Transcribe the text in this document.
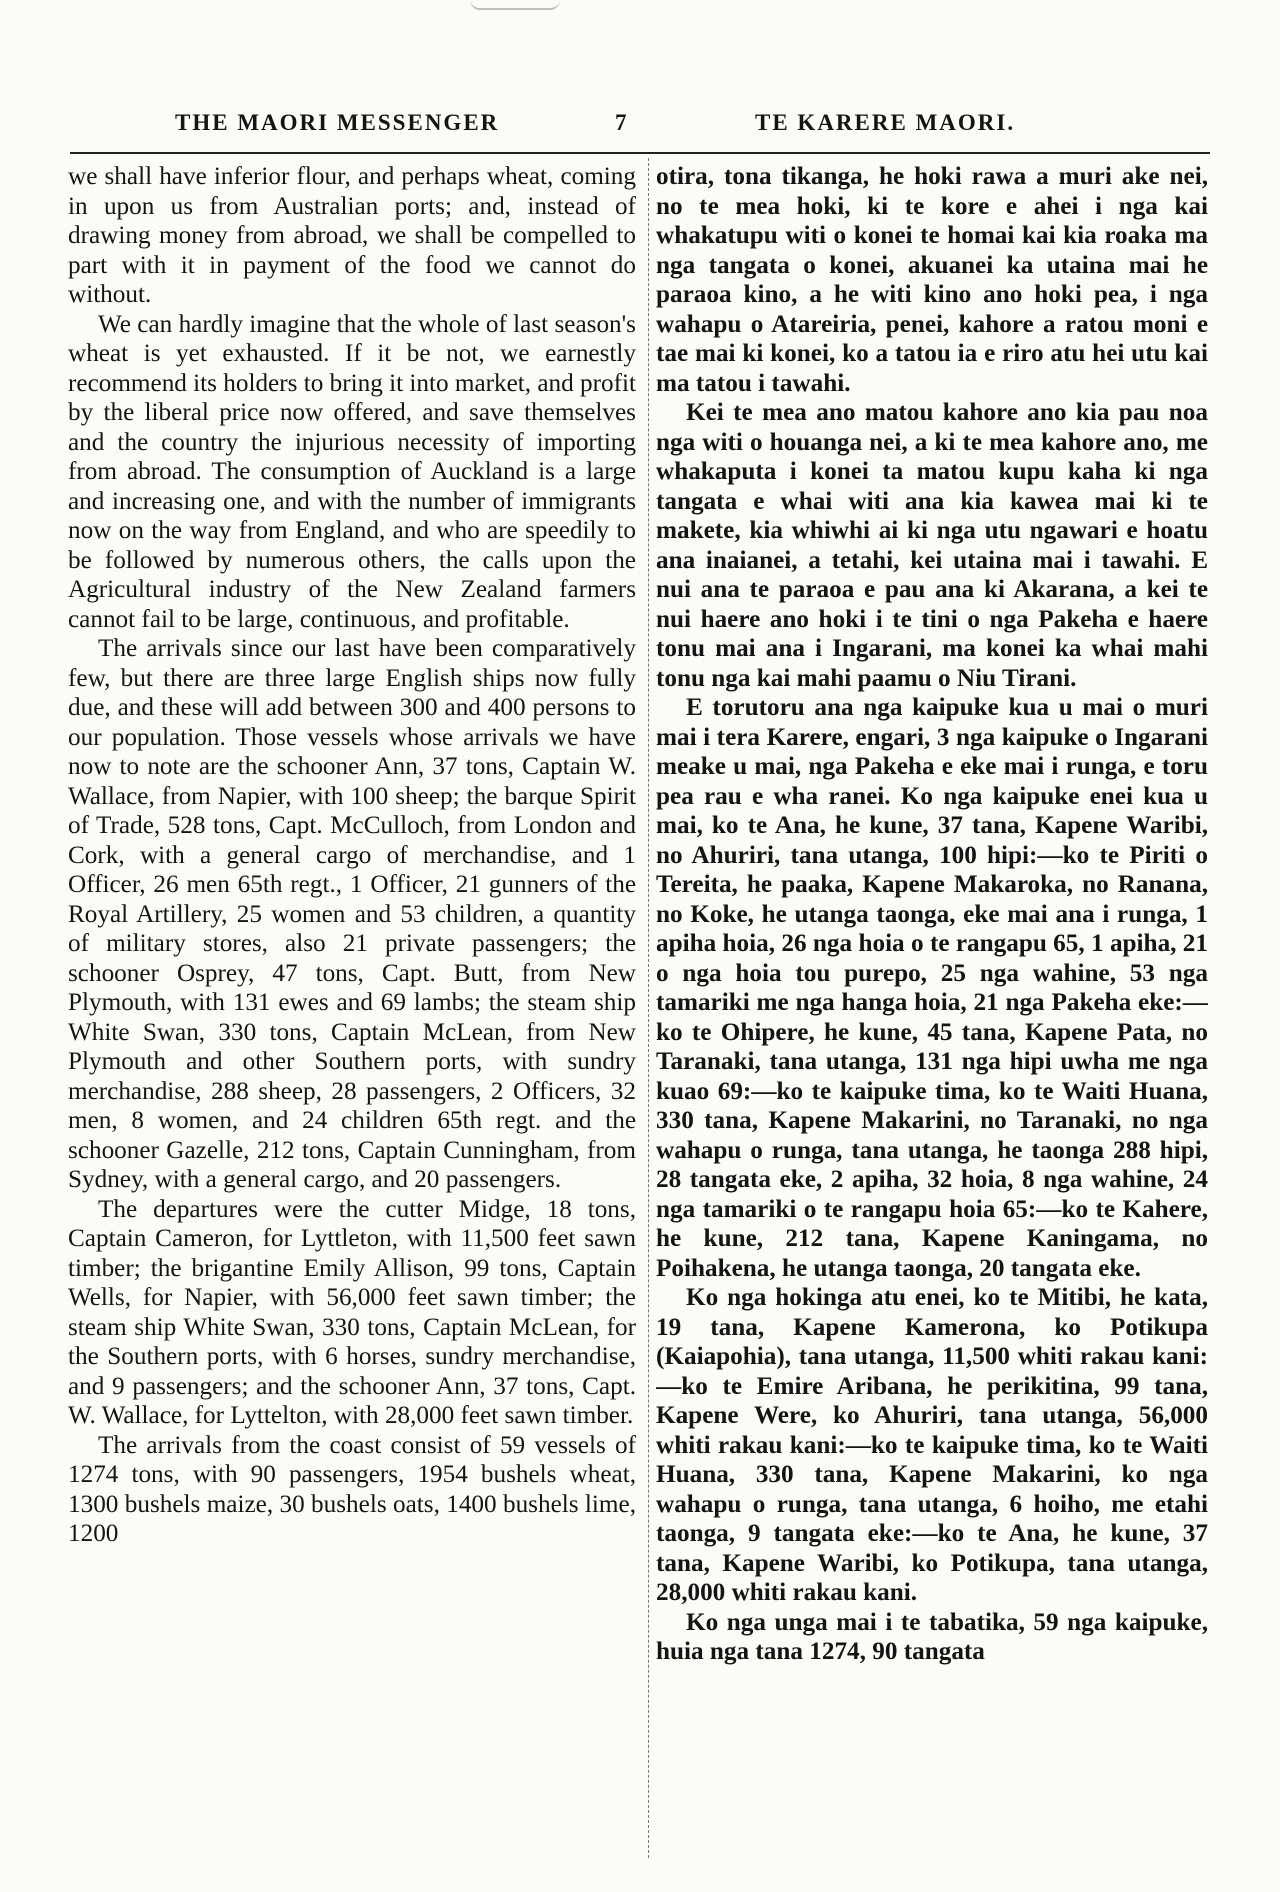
THE MAORI MESSENGER	7	TE KARERE MAORI.

we shall have inferior flour, and perhaps wheat, coming in upon us from Australian ports; and, instead of drawing money from abroad, we shall be compelled to part with it in payment of the food we cannot do without.

We can hardly imagine that the whole of last season's wheat is yet exhausted. If it be not, we earnestly recommend its holders to bring it into market, and profit by the liberal price now offered, and save themselves and the country the injurious necessity of importing from abroad. The consumption of Auckland is a large and increasing one, and with the number of immigrants now on the way from England, and who are speedily to be followed by numerous others, the calls upon the Agricultural industry of the New Zealand farmers cannot fail to be large, continuous, and profitable.

The arrivals since our last have been comparatively few, but there are three large English ships now fully due, and these will add between 300 and 400 persons to our population. Those vessels whose arrivals we have now to note are the schooner Ann, 37 tons, Captain W. Wallace, from Napier, with 100 sheep; the barque Spirit of Trade, 528 tons, Capt. McCulloch, from London and Cork, with a general cargo of merchandise, and 1 Officer, 26 men 65th regt., 1 Officer, 21 gunners of the Royal Artillery, 25 women and 53 children, a quantity of military stores, also 21 private passengers; the schooner Osprey, 47 tons, Capt. Butt, from New Plymouth, with 131 ewes and 69 lambs; the steam ship White Swan, 330 tons, Captain McLean, from New Plymouth and other Southern ports, with sundry merchandise, 288 sheep, 28 passengers, 2 Officers, 32 men, 8 women, and 24 children 65th regt. and the schooner Gazelle, 212 tons, Captain Cunningham, from Sydney, with a general cargo, and 20 passengers.

The departures were the cutter Midge, 18 tons, Captain Cameron, for Lyttleton, with 11,500 feet sawn timber; the brigantine Emily Allison, 99 tons, Captain Wells, for Napier, with 56,000 feet sawn timber; the steam ship White Swan, 330 tons, Captain McLean, for the Southern ports, with 6 horses, sundry merchandise, and 9 passengers; and the schooner Ann, 37 tons, Capt. W. Wallace, for Lyttelton, with 28,000 feet sawn timber.

The arrivals from the coast consist of 59 vessels of 1274 tons, with 90 passengers, 1954 bushels wheat, 1300 bushels maize, 30 bushels oats, 1400 bushels lime, 1200

otira, tona tikanga, he hoki rawa a muri ake nei, no te mea hoki, ki te kore e ahei i nga kai whakatupu witi o konei te homai kai kia roaka ma nga tangata o konei, akuanei ka utaina mai he paraoa kino, a he witi kino ano hoki pea, i nga wahapu o Atareiria, penei, kahore a ratou moni e tae mai ki konei, ko a tatou ia e riro atu hei utu kai ma tatou i tawahi.

Kei te mea ano matou kahore ano kia pau noa nga witi o houanga nei, a ki te mea kahore ano, me whakaputa i konei ta matou kupu kaha ki nga tangata e whai witi ana kia kawea mai ki te makete, kia whiwhi ai ki nga utu ngawari e hoatu ana inaianei, a tetahi, kei utaina mai i tawahi. E nui ana te paraoa e pau ana ki Akarana, a kei te nui haere ano hoki i te tini o nga Pakeha e haere tonu mai ana i Ingarani, ma konei ka whai mahi tonu nga kai mahi paamu o Niu Tirani.

E torutoru ana nga kaipuke kua u mai o muri mai i tera Karere, engari, 3 nga kaipuke o Ingarani meake u mai, nga Pakeha e eke mai i runga, e toru pea rau e wha ranei. Ko nga kaipuke enei kua u mai, ko te Ana, he kune, 37 tana, Kapene Waribi, no Ahuriri, tana utanga, 100 hipi:—ko te Piriti o Tereita, he paaka, Kapene Makaroka, no Ranana, no Koke, he utanga taonga, eke mai ana i runga, 1 apiha hoia, 26 nga hoia o te rangapu 65, 1 apiha, 21 o nga hoia tou purepo, 25 nga wahine, 53 nga tamariki me nga hanga hoia, 21 nga Pakeha eke:—ko te Ohipere, he kune, 45 tana, Kapene Pata, no Taranaki, tana utanga, 131 nga hipi uwha me nga kuao 69:—ko te kaipuke tima, ko te Waiti Huana, 330 tana, Kapene Makarini, no Taranaki, no nga wahapu o runga, tana utanga, he taonga 288 hipi, 28 tangata eke, 2 apiha, 32 hoia, 8 nga wahine, 24 nga tamariki o te rangapu hoia 65:—ko te Kahere, he kune, 212 tana, Kapene Kaningama, no Poihakena, he utanga taonga, 20 tangata eke.

Ko nga hokinga atu enei, ko te Mitibi, he kata, 19 tana, Kapene Kamerona, ko Potikupa (Kaiapohia), tana utanga, 11,500 whiti rakau kani:—ko te Emire Aribana, he perikitina, 99 tana, Kapene Were, ko Ahuriri, tana utanga, 56,000 whiti rakau kani:—ko te kaipuke tima, ko te Waiti Huana, 330 tana, Kapene Makarini, ko nga wahapu o runga, tana utanga, 6 hoiho, me etahi taonga, 9 tangata eke:—ko te Ana, he kune, 37 tana, Kapene Waribi, ko Potikupa, tana utanga, 28,000 whiti rakau kani.

Ko nga unga mai i te tabatika, 59 nga kaipuke, huia nga tana 1274, 90 tangata
